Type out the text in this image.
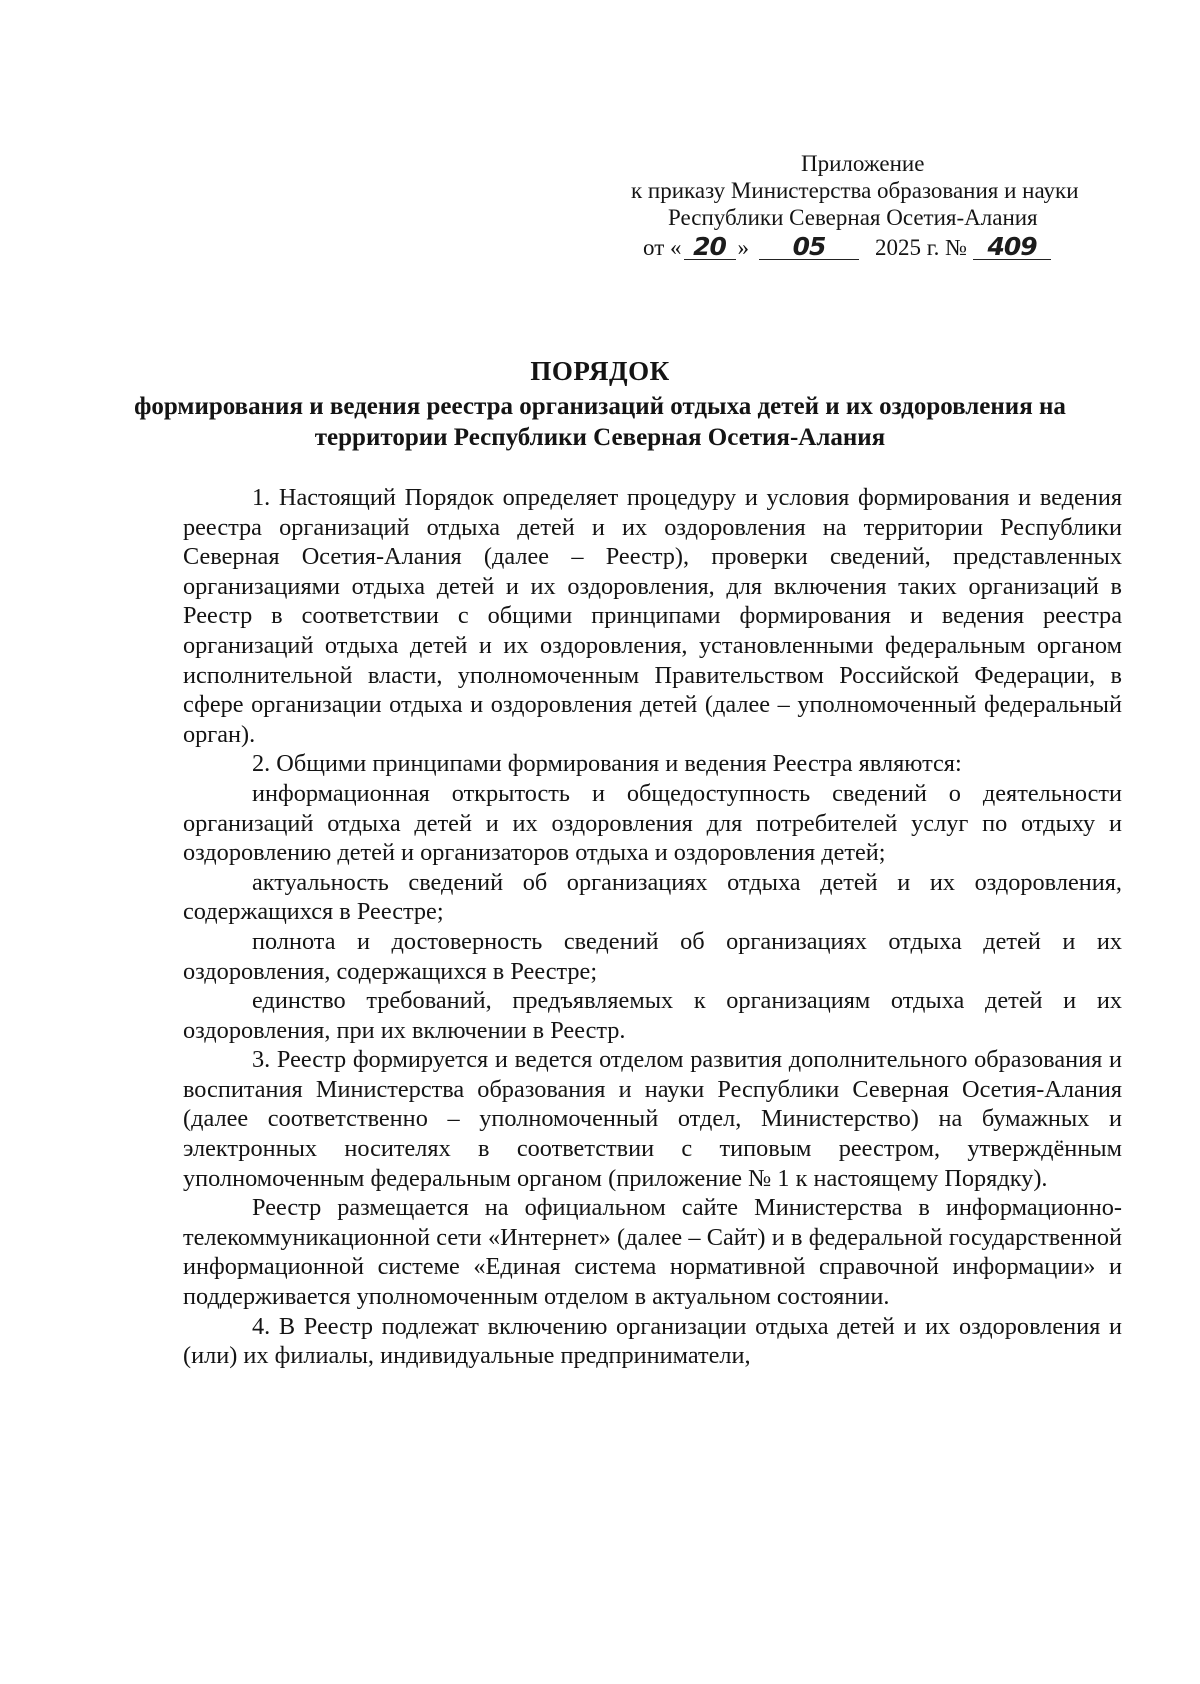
Приложение
к приказу Министерства образования и науки
Республики Северная Осетия-Алания
от « 20 »	05	2025 г. № 409

ПОРЯДОК

формирования и ведения реестра организаций отдыха детей и их оздоровления на территории Республики Северная Осетия-Алания

1. Настоящий Порядок определяет процедуру и условия формирования и ведения реестра организаций отдыха детей и их оздоровления на территории Республики Северная Осетия-Алания (далее – Реестр), проверки сведений, представленных организациями отдыха детей и их оздоровления, для включения таких организаций в Реестр в соответствии с общими принципами формирования и ведения реестра организаций отдыха детей и их оздоровления, установленными федеральным органом исполнительной власти, уполномоченным Правительством Российской Федерации, в сфере организации отдыха и оздоровления детей (далее – уполномоченный федеральный орган).

2. Общими принципами формирования и ведения Реестра являются:

информационная открытость и общедоступность сведений о деятельности организаций отдыха детей и их оздоровления для потребителей услуг по отдыху и оздоровлению детей и организаторов отдыха и оздоровления детей;

актуальность сведений об организациях отдыха детей и их оздоровления, содержащихся в Реестре;

полнота и достоверность сведений об организациях отдыха детей и их оздоровления, содержащихся в Реестре;

единство требований, предъявляемых к организациям отдыха детей и их оздоровления, при их включении в Реестр.

3. Реестр формируется и ведется отделом развития дополнительного образования и воспитания Министерства образования и науки Республики Северная Осетия-Алания (далее соответственно – уполномоченный отдел, Министерство) на бумажных и электронных носителях в соответствии с типовым реестром, утверждённым уполномоченным федеральным органом (приложение № 1 к настоящему Порядку).

Реестр размещается на официальном сайте Министерства в информационно-телекоммуникационной сети «Интернет» (далее – Сайт) и в федеральной государственной информационной системе «Единая система нормативной справочной информации» и поддерживается уполномоченным отделом в актуальном состоянии.

4. В Реестр подлежат включению организации отдыха детей и их оздоровления и (или) их филиалы, индивидуальные предприниматели,
